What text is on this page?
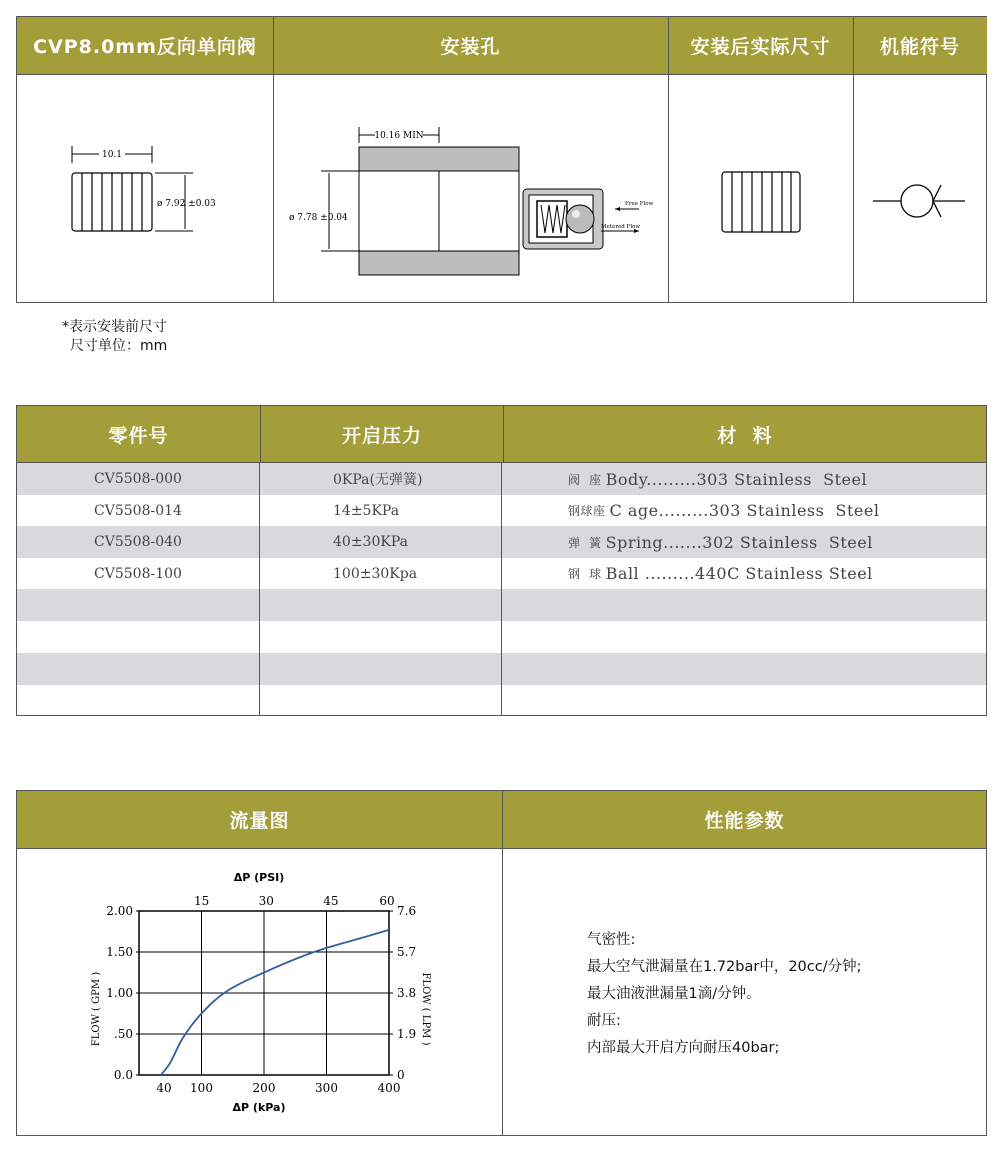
CVP8.0mm反向单向阀	安装孔	安装后实际尺寸	机能符号
10.1
ø 7.92 ±0.03
10.16 MIN
ø 7.78 ±0.04
Free Flow
Metered Flow
*表示安装前尺寸
尺寸单位：mm
零件号	开启压力	材  料
CV5508-000	0KPa(无弹簧)	阀  座 Body.........303 Stainless  Steel
CV5508-014	14±5KPa	钢球座 C age.........303 Stainless  Steel
CV5508-040	40±30KPa	弹  簧 Spring.......302 Stainless  Steel
CV5508-100	100±30Kpa	钢  球 Ball .........440C Stainless Steel
流量图	性能参数
ΔP (PSI)
ΔP (kPa)
FLOW ( GPM )	FLOW ( LPM )
40 100	200	300	400
15	30	45	60
0.0
.50
1.00
1.50
2.00
0
1.9
3.8
5.7
7.6
气密性:
最大空气泄漏量在1.72bar中，20cc/分钟;
最大油液泄漏量1滴/分钟。
耐压:
内部最大开启方向耐压40bar;
